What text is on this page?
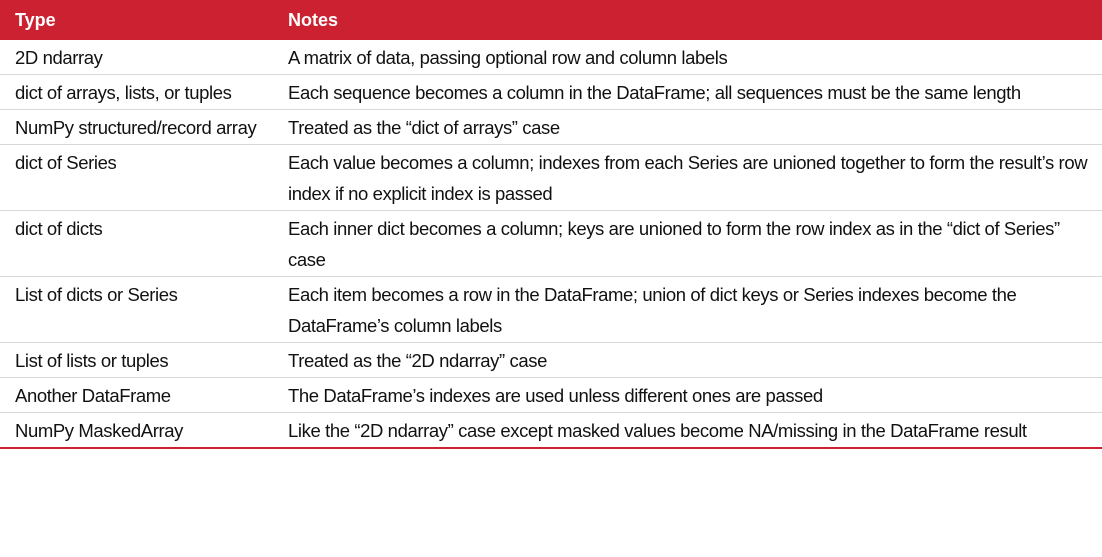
Type	Notes
2D ndarray	A matrix of data, passing optional row and column labels
dict of arrays, lists, or tuples	Each sequence becomes a column in the DataFrame; all sequences must be the same length
NumPy structured/record array	Treated as the “dict of arrays” case
dict of Series	Each value becomes a column; indexes from each Series are unioned together to form the result’s row index if no explicit index is passed
dict of dicts	Each inner dict becomes a column; keys are unioned to form the row index as in the “dict of Series” case
List of dicts or Series	Each item becomes a row in the DataFrame; union of dict keys or Series indexes become the DataFrame’s column labels
List of lists or tuples	Treated as the “2D ndarray” case
Another DataFrame	The DataFrame’s indexes are used unless different ones are passed
NumPy MaskedArray	Like the “2D ndarray” case except masked values become NA/missing in the DataFrame result
